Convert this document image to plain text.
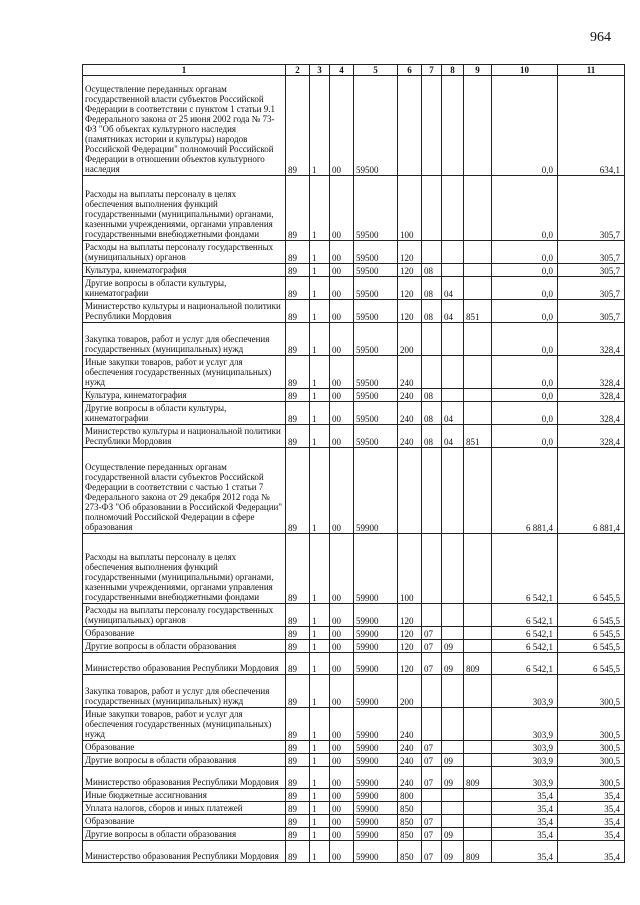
964
1	2	3	4	5	6	7	8	9	10	11
Осуществление переданных органам государственной власти субъектов Российской Федерации в соответствии с пунктом 1 статьи 9.1 Федерального закона от 25 июня 2002 года № 73-ФЗ "Об объектах культурного наследия (памятниках истории и культуры) народов Российской Федерации" полномочий Российской Федерации в отношении объектов культурного наследия	89	1	00	59500					0,0	634,1
Расходы на выплаты персоналу в целях обеспечения выполнения функций государственными (муниципальными) органами, казенными учреждениями, органами управления государственными внебюджетными фондами	89	1	00	59500	100				0,0	305,7
Расходы на выплаты персоналу государственных (муниципальных) органов	89	1	00	59500	120				0,0	305,7
Культура, кинематография	89	1	00	59500	120	08			0,0	305,7
Другие вопросы в области культуры, кинематографии	89	1	00	59500	120	08	04		0,0	305,7
Министерство культуры и национальной политики Республики Мордовия	89	1	00	59500	120	08	04	851	0,0	305,7
Закупка товаров, работ и услуг для обеспечения государственных (муниципальных) нужд	89	1	00	59500	200				0,0	328,4
Иные закупки товаров, работ и услуг для обеспечения государственных (муниципальных) нужд	89	1	00	59500	240				0,0	328,4
Культура, кинематография	89	1	00	59500	240	08			0,0	328,4
Другие вопросы в области культуры, кинематографии	89	1	00	59500	240	08	04		0,0	328,4
Министерство культуры и национальной политики Республики Мордовия	89	1	00	59500	240	08	04	851	0,0	328,4
Осуществление переданных органам государственной власти субъектов Российской Федерации в соответствии с частью 1 статьи 7 Федерального закона от 29 декабря 2012 года № 273-ФЗ "Об образовании в Российской Федерации" полномочий Российской Федерации в сфере образования	89	1	00	59900					6 881,4	6 881,4
Расходы на выплаты персоналу в целях обеспечения выполнения функций государственными (муниципальными) органами, казенными учреждениями, органами управления государственными внебюджетными фондами	89	1	00	59900	100				6 542,1	6 545,5
Расходы на выплаты персоналу государственных (муниципальных) органов	89	1	00	59900	120				6 542,1	6 545,5
Образование	89	1	00	59900	120	07			6 542,1	6 545,5
Другие вопросы в области образования	89	1	00	59900	120	07	09		6 542,1	6 545,5
Министерство образования Республики Мордовия	89	1	00	59900	120	07	09	809	6 542,1	6 545,5
Закупка товаров, работ и услуг для обеспечения государственных (муниципальных) нужд	89	1	00	59900	200				303,9	300,5
Иные закупки товаров, работ и услуг для обеспечения государственных (муниципальных) нужд	89	1	00	59900	240				303,9	300,5
Образование	89	1	00	59900	240	07			303,9	300,5
Другие вопросы в области образования	89	1	00	59900	240	07	09		303,9	300,5
Министерство образования Республики Мордовия	89	1	00	59900	240	07	09	809	303,9	300,5
Иные бюджетные ассигнования	89	1	00	59900	800				35,4	35,4
Уплата налогов, сборов и иных платежей	89	1	00	59900	850				35,4	35,4
Образование	89	1	00	59900	850	07			35,4	35,4
Другие вопросы в области образования	89	1	00	59900	850	07	09		35,4	35,4
Министерство образования Республики Мордовия	89	1	00	59900	850	07	09	809	35,4	35,4
